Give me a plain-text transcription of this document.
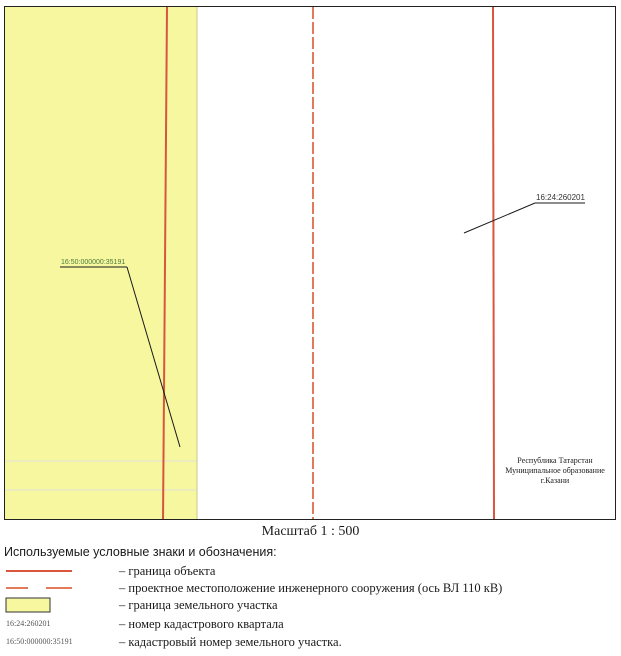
16:24:260201
16:50:000000:35191
Республика Татарстан
Муниципальное образование
г.Казани
Масштаб 1 : 500
Используемые условные знаки и обозначения:
– граница объекта
– проектное местоположение инженерного сооружения (ось ВЛ 110 кВ)
– граница земельного участка
16:24:260201	– номер кадастрового квартала
16:50:000000:35191	– кадастровый номер земельного участка.
